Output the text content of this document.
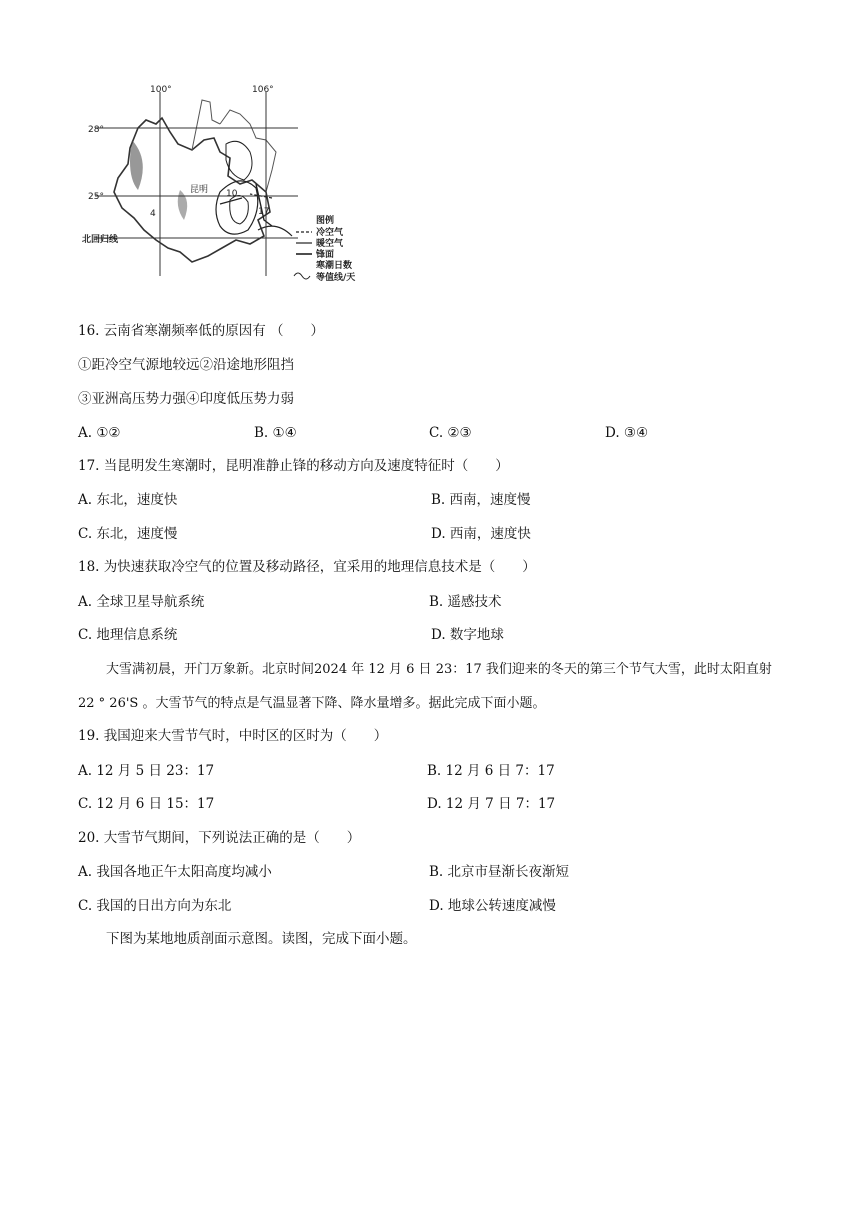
100°	106°
28°
25°
北回归线
昆明 10
17
4
图例
冷空气
暖空气
锋面
寒潮日数
等值线/天
16. 云南省寒潮频率低的原因有 （　　）
①距冷空气源地较远②沿途地形阻挡
③亚洲高压势力强④印度低压势力弱
A. ①②	B. ①④	C. ②③	D. ③④
17. 当昆明发生寒潮时，昆明准静止锋的移动方向及速度特征时（　　）
A. 东北，速度快	B. 西南，速度慢
C. 东北，速度慢	D. 西南，速度快
18. 为快速获取冷空气的位置及移动路径，宜采用的地理信息技术是（　　）
A. 全球卫星导航系统	B. 遥感技术
C. 地理信息系统	D. 数字地球
大雪满初晨，开门万象新。北京时间2024 年 12 月 6 日 23：17 我们迎来的冬天的第三个节气大雪，此时太阳直射 22 ° 26'S 。大雪节气的特点是气温显著下降、降水量增多。据此完成下面小题。
19. 我国迎来大雪节气时，中时区的区时为（　　）
A. 12 月 5 日 23：17	B. 12 月 6 日 7：17
C. 12 月 6 日 15：17	D. 12 月 7 日 7：17
20. 大雪节气期间，下列说法正确的是（　　）
A. 我国各地正午太阳高度均减小	B. 北京市昼渐长夜渐短
C. 我国的日出方向为东北	D. 地球公转速度减慢
下图为某地地质剖面示意图。读图，完成下面小题。
